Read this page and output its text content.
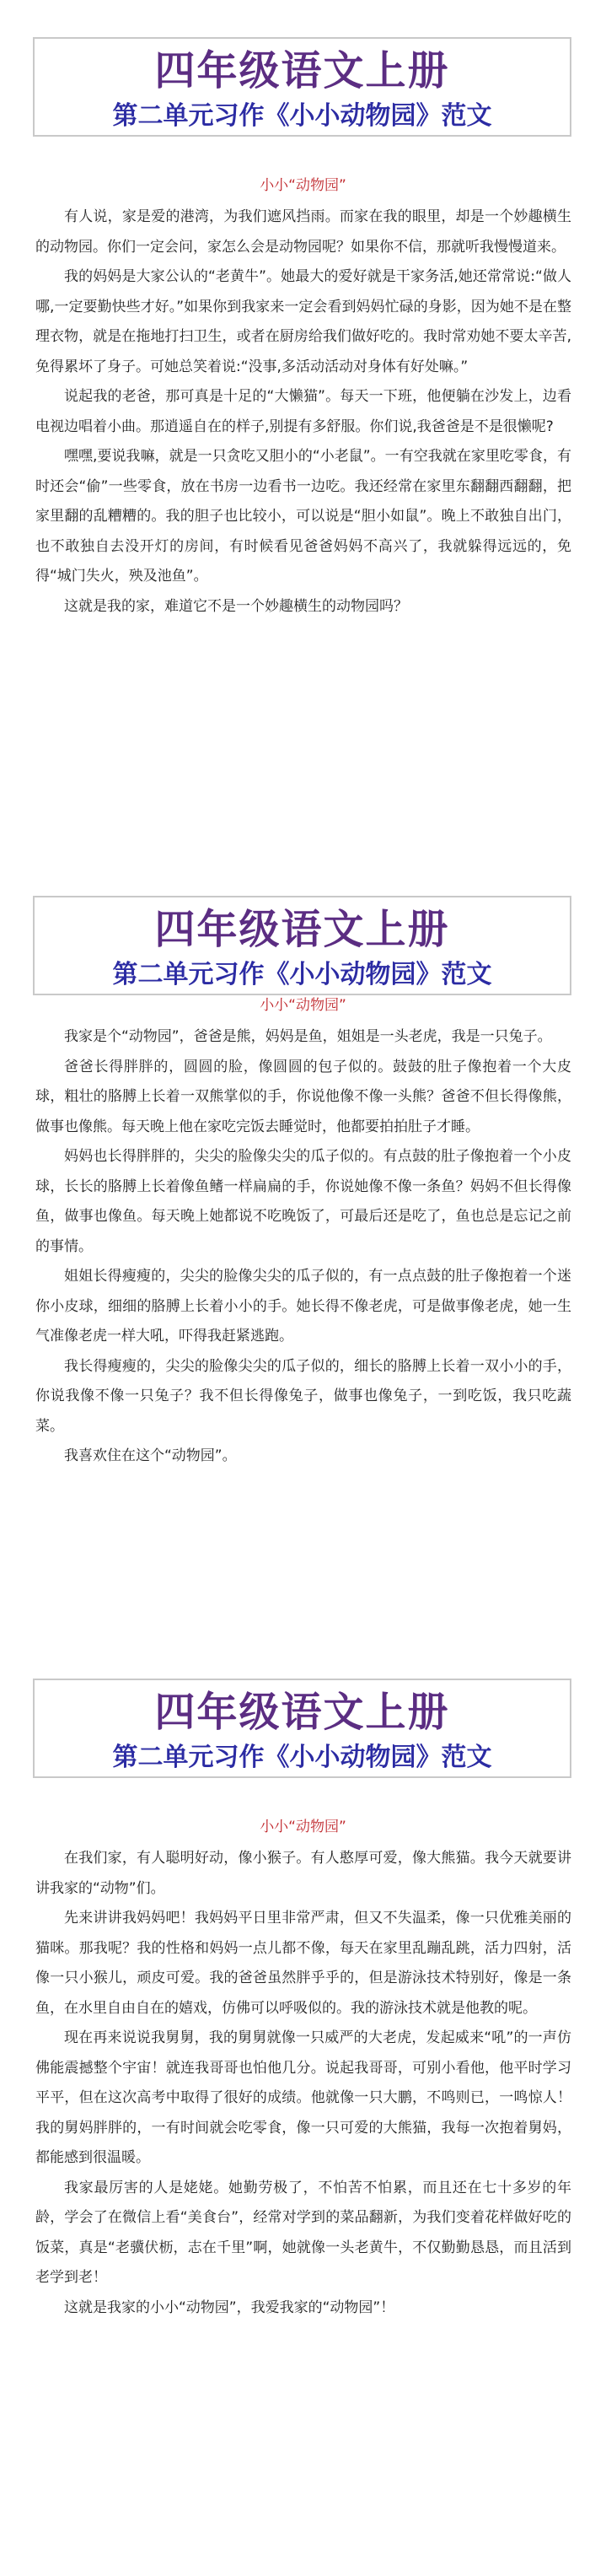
四年级语文上册
第二单元习作《小小动物园》范文
小小“动物园”

有人说，家是爱的港湾，为我们遮风挡雨。而家在我的眼里，却是一个妙趣横生的动物园。你们一定会问，家怎么会是动物园呢？如果你不信，那就听我慢慢道来。

我的妈妈是大家公认的“老黄牛”。她最大的爱好就是干家务活,她还常常说:“做人哪,一定要勤快些才好。”如果你到我家来一定会看到妈妈忙碌的身影，因为她不是在整理衣物，就是在拖地打扫卫生，或者在厨房给我们做好吃的。我时常劝她不要太辛苦,免得累坏了身子。可她总笑着说:“没事,多活动活动对身体有好处嘛。”

说起我的老爸，那可真是十足的“大懒猫”。每天一下班，他便躺在沙发上，边看电视边唱着小曲。那逍遥自在的样子,别提有多舒服。你们说,我爸爸是不是很懒呢?

嘿嘿,要说我嘛，就是一只贪吃又胆小的“小老鼠”。一有空我就在家里吃零食，有时还会“偷”一些零食，放在书房一边看书一边吃。我还经常在家里东翻翻西翻翻，把家里翻的乱糟糟的。我的胆子也比较小，可以说是“胆小如鼠”。晚上不敢独自出门，也不敢独自去没开灯的房间，有时候看见爸爸妈妈不高兴了，我就躲得远远的，免得“城门失火，殃及池鱼”。

这就是我的家，难道它不是一个妙趣横生的动物园吗？

四年级语文上册
第二单元习作《小小动物园》范文
小小“动物园”

我家是个“动物园”，爸爸是熊，妈妈是鱼，姐姐是一头老虎，我是一只兔子。

爸爸长得胖胖的，圆圆的脸，像圆圆的包子似的。鼓鼓的肚子像抱着一个大皮球，粗壮的胳膊上长着一双熊掌似的手，你说他像不像一头熊？爸爸不但长得像熊，做事也像熊。每天晚上他在家吃完饭去睡觉时，他都要拍拍肚子才睡。

妈妈也长得胖胖的，尖尖的脸像尖尖的瓜子似的。有点鼓的肚子像抱着一个小皮球，长长的胳膊上长着像鱼鳍一样扁扁的手，你说她像不像一条鱼？妈妈不但长得像鱼，做事也像鱼。每天晚上她都说不吃晚饭了，可最后还是吃了，鱼也总是忘记之前的事情。

姐姐长得瘦瘦的，尖尖的脸像尖尖的瓜子似的，有一点点鼓的肚子像抱着一个迷你小皮球，细细的胳膊上长着小小的手。她长得不像老虎，可是做事像老虎，她一生气准像老虎一样大吼，吓得我赶紧逃跑。

我长得瘦瘦的，尖尖的脸像尖尖的瓜子似的，细长的胳膊上长着一双小小的手，你说我像不像一只兔子？我不但长得像兔子，做事也像兔子，一到吃饭，我只吃蔬菜。

我喜欢住在这个“动物园”。

四年级语文上册
第二单元习作《小小动物园》范文
小小“动物园”

在我们家，有人聪明好动，像小猴子。有人憨厚可爱，像大熊猫。我今天就要讲讲我家的“动物”们。

先来讲讲我妈妈吧！我妈妈平日里非常严肃，但又不失温柔，像一只优雅美丽的猫咪。那我呢？我的性格和妈妈一点儿都不像，每天在家里乱蹦乱跳，活力四射，活像一只小猴儿，顽皮可爱。我的爸爸虽然胖乎乎的，但是游泳技术特别好，像是一条鱼，在水里自由自在的嬉戏，仿佛可以呼吸似的。我的游泳技术就是他教的呢。

现在再来说说我舅舅，我的舅舅就像一只威严的大老虎，发起威来“吼”的一声仿佛能震撼整个宇宙！就连我哥哥也怕他几分。说起我哥哥，可别小看他，他平时学习平平，但在这次高考中取得了很好的成绩。他就像一只大鹏，不鸣则已，一鸣惊人！我的舅妈胖胖的，一有时间就会吃零食，像一只可爱的大熊猫，我每一次抱着舅妈，都能感到很温暖。

我家最厉害的人是姥姥。她勤劳极了，不怕苦不怕累，而且还在七十多岁的年龄，学会了在微信上看“美食台”，经常对学到的菜品翻新，为我们变着花样做好吃的饭菜，真是“老骥伏枥，志在千里”啊，她就像一头老黄牛，不仅勤勤恳恳，而且活到老学到老！

这就是我家的小小“动物园”，我爱我家的“动物园”！
